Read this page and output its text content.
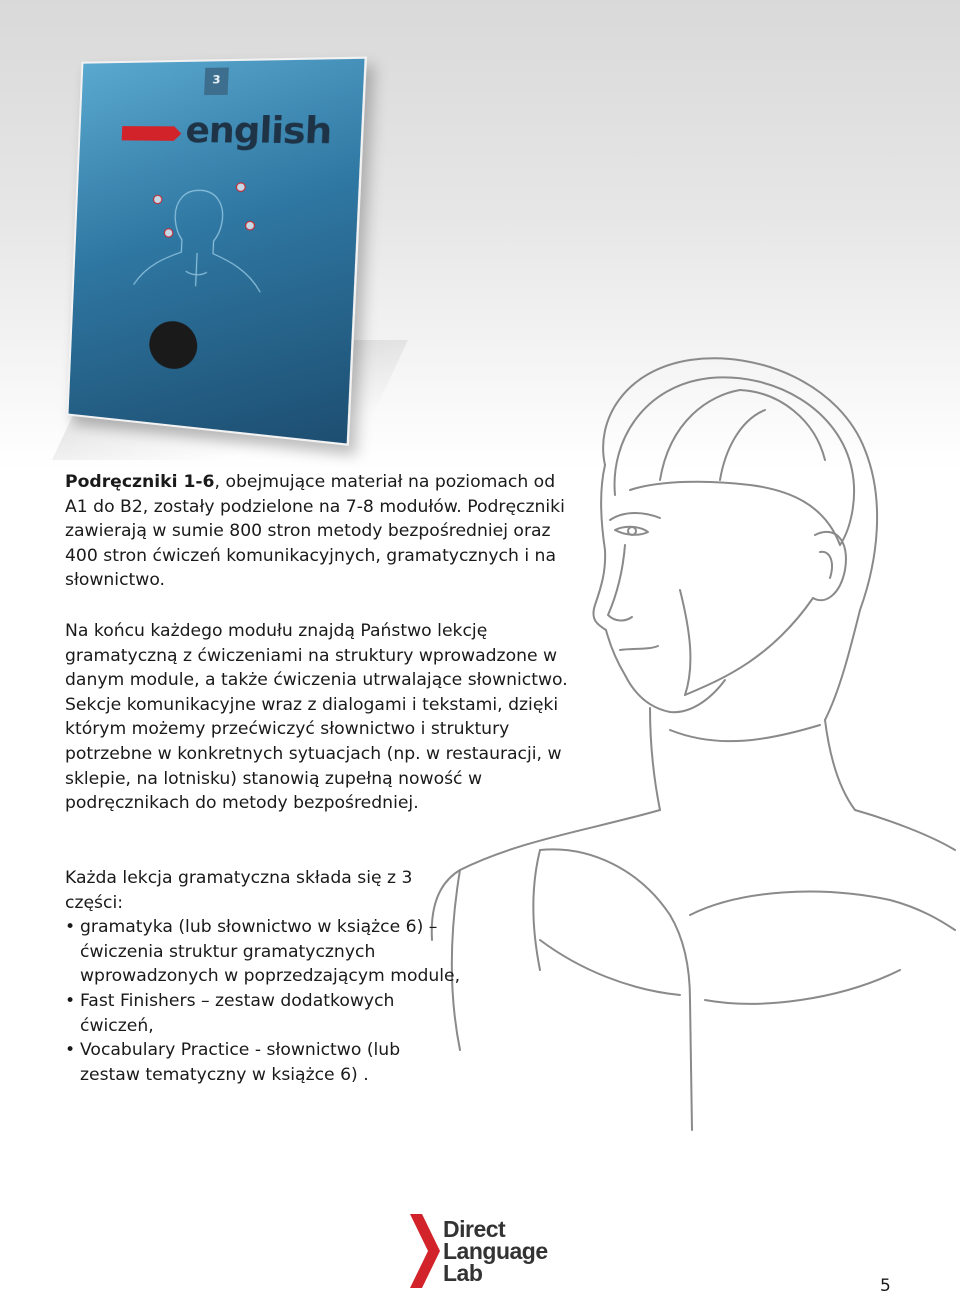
3
english
Podręczniki 1-6, obejmujące materiał na poziomach od A1 do B2, zostały podzielone na 7-8 modułów. Podręczniki zawierają w sumie 800 stron metody bezpośredniej oraz 400 stron ćwiczeń komunikacyjnych, gramatycznych i na słownictwo.
Na końcu każdego modułu znajdą Państwo lekcję gramatyczną z ćwiczeniami na struktury wprowadzone w danym module, a także ćwiczenia utrwalające słownictwo. Sekcje komunikacyjne wraz z dialogami i tekstami, dzięki którym możemy przećwiczyć słownictwo i struktury potrzebne w konkretnych sytuacjach (np. w restauracji, w sklepie, na lotnisku) stanowią zupełną nowość w podręcznikach do metody bezpośredniej.
Każda lekcja gramatyczna składa się z 3 części:
• gramatyka (lub słownictwo w książce 6) – ćwiczenia struktur gramatycznych wprowadzonych w poprzedzającym module,
• Fast Finishers – zestaw dodatkowych ćwiczeń,
• Vocabulary Practice - słownictwo (lub zestaw tematyczny w książce 6) .
Direct
Language
Lab	5
